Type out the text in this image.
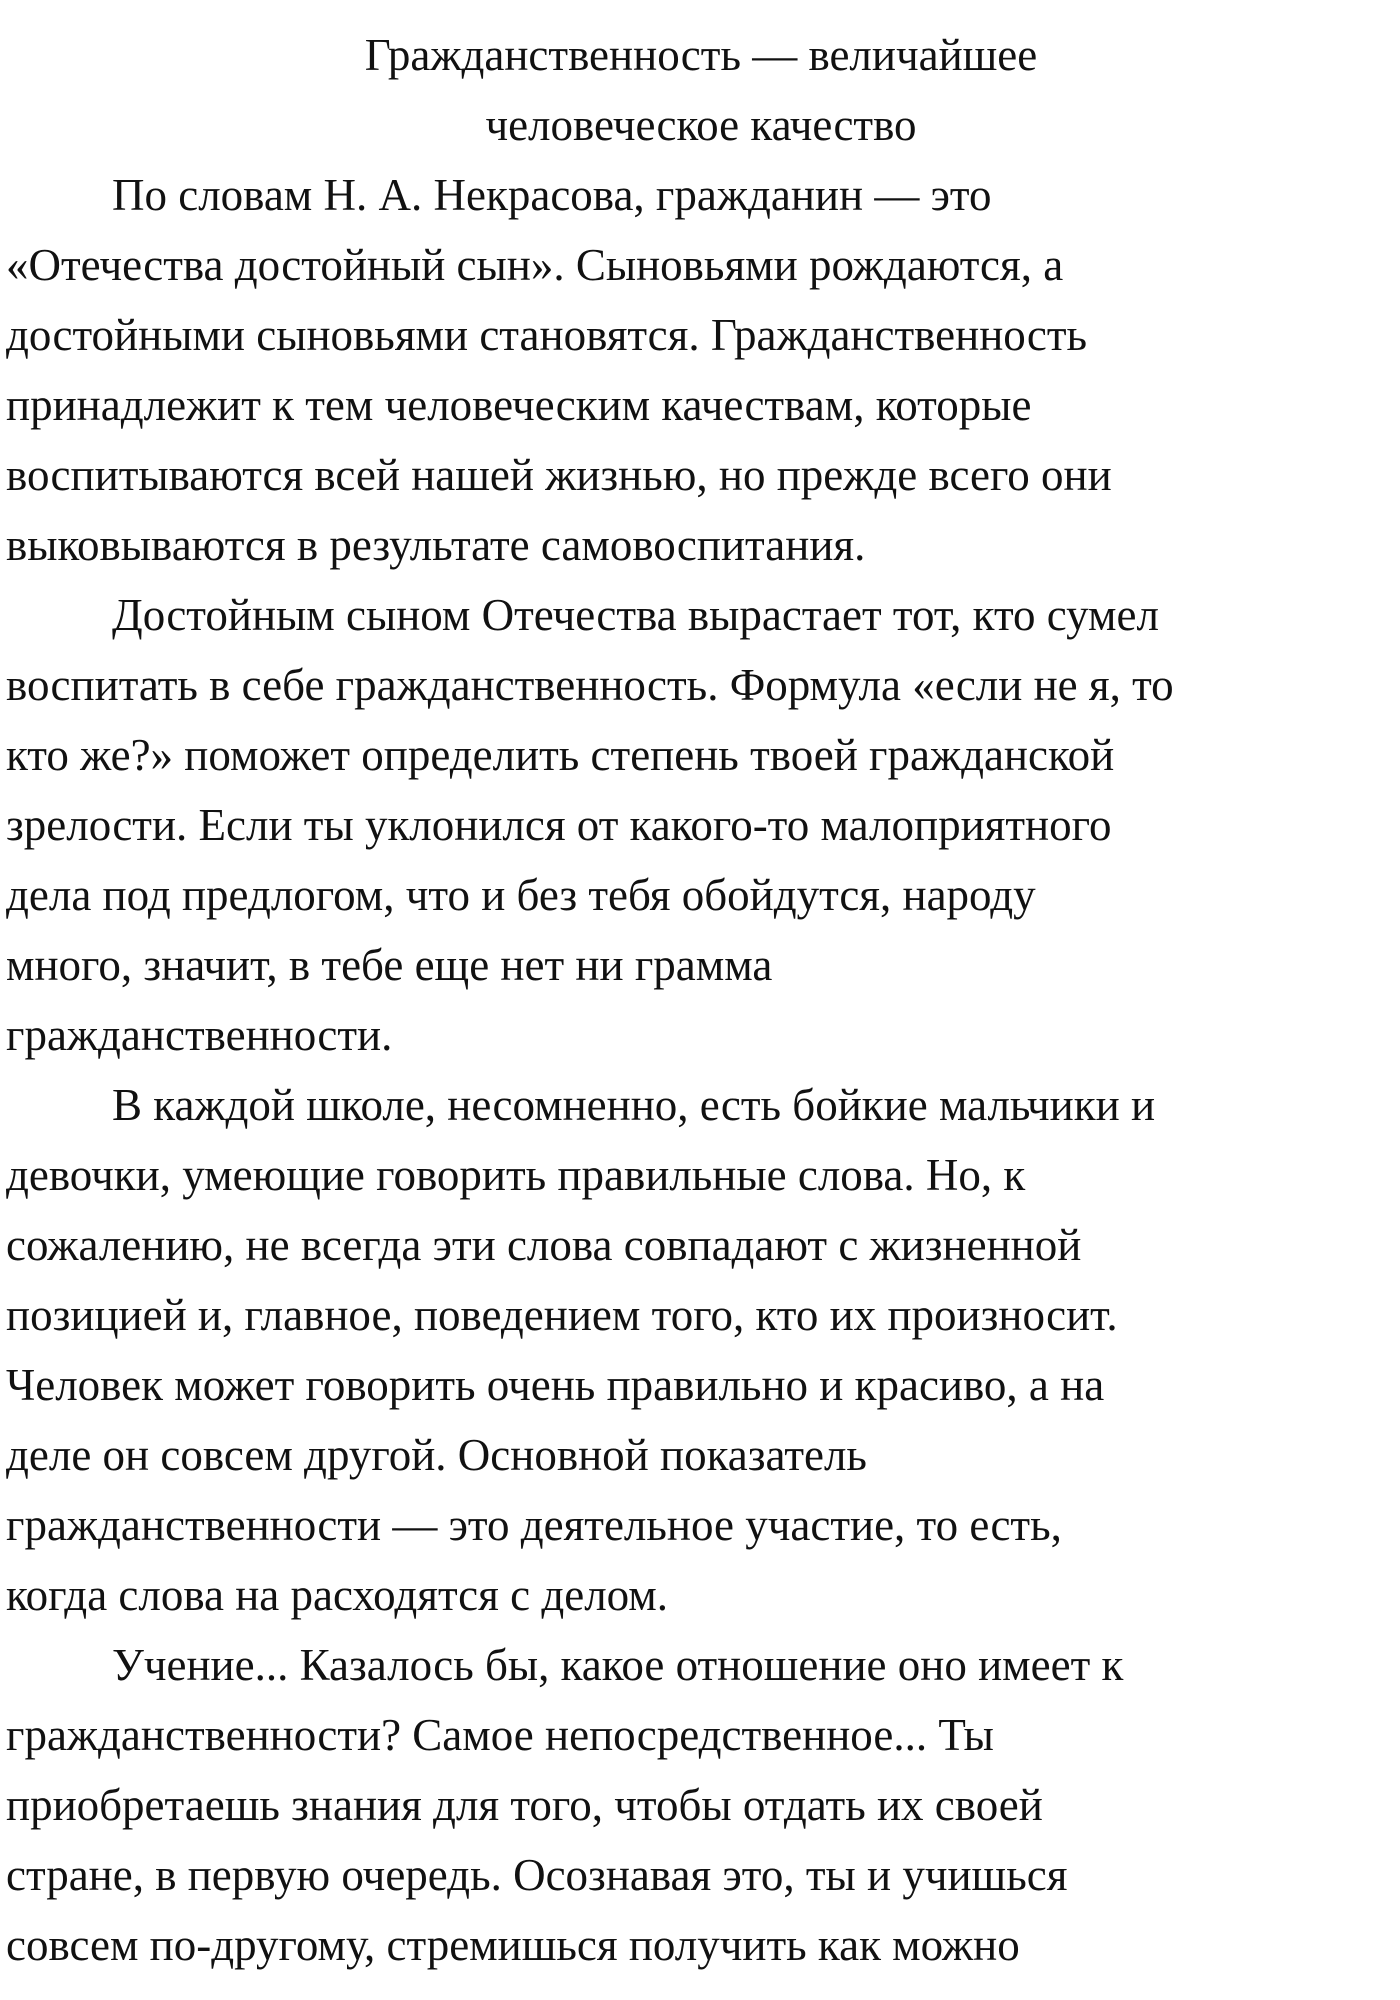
Гражданственность — величайшее
человеческое качество
По словам Н. А. Некрасова, гражданин — это
«Отечества достойный сын». Сыновьями рождаются, а
достойными сыновьями становятся. Гражданственность
принадлежит к тем человеческим качествам, которые
воспитываются всей нашей жизнью, но прежде всего они
выковываются в результате самовоспитания.
Достойным сыном Отечества вырастает тот, кто сумел
воспитать в себе гражданственность. Формула «если не я, то
кто же?» поможет определить степень твоей гражданской
зрелости. Если ты уклонился от какого-то малоприятного
дела под предлогом, что и без тебя обойдутся, народу
много, значит, в тебе еще нет ни грамма
гражданственности.
В каждой школе, несомненно, есть бойкие мальчики и
девочки, умеющие говорить правильные слова. Но, к
сожалению, не всегда эти слова совпадают с жизненной
позицией и, главное, поведением того, кто их произносит.
Человек может говорить очень правильно и красиво, а на
деле он совсем другой. Основной показатель
гражданственности — это деятельное участие, то есть,
когда слова на расходятся с делом.
Учение... Казалось бы, какое отношение оно имеет к
гражданственности? Самое непосредственное... Ты
приобретаешь знания для того, чтобы отдать их своей
стране, в первую очередь. Осознавая это, ты и учишься
совсем по-другому, стремишься получить как можно
